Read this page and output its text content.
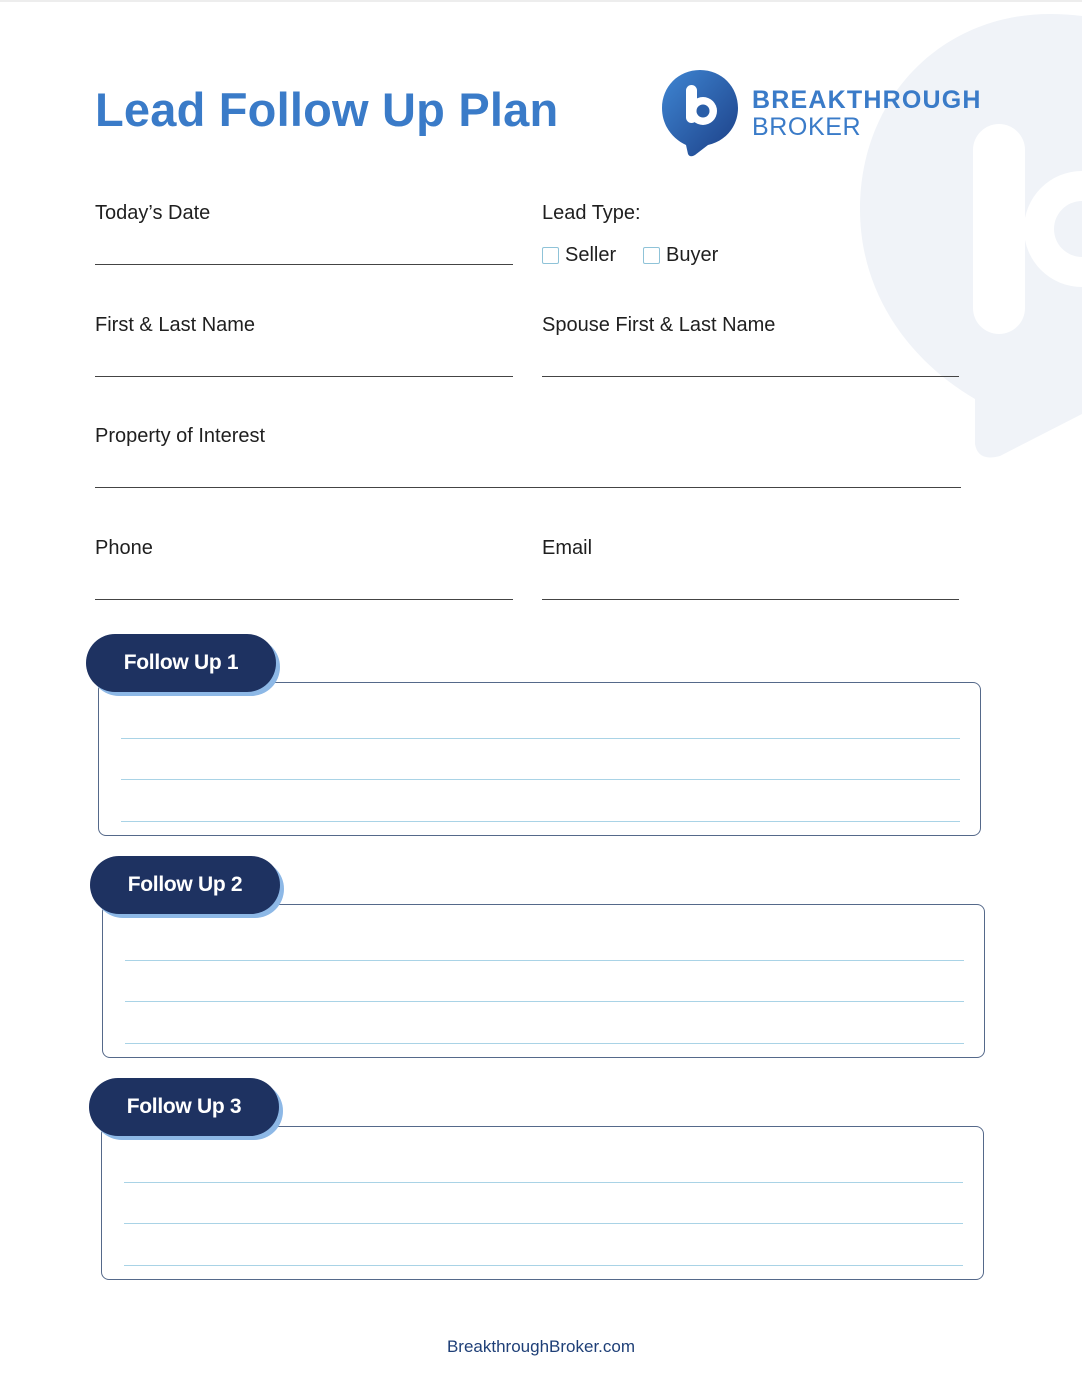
Lead Follow Up Plan	BREAKTHROUGH
BROKER
Today’s Date	Lead Type:
Seller Buyer
First & Last Name	Spouse First & Last Name
Property of Interest
Phone	Email
Follow Up 1
Follow Up 2
Follow Up 3
BreakthroughBroker.com
